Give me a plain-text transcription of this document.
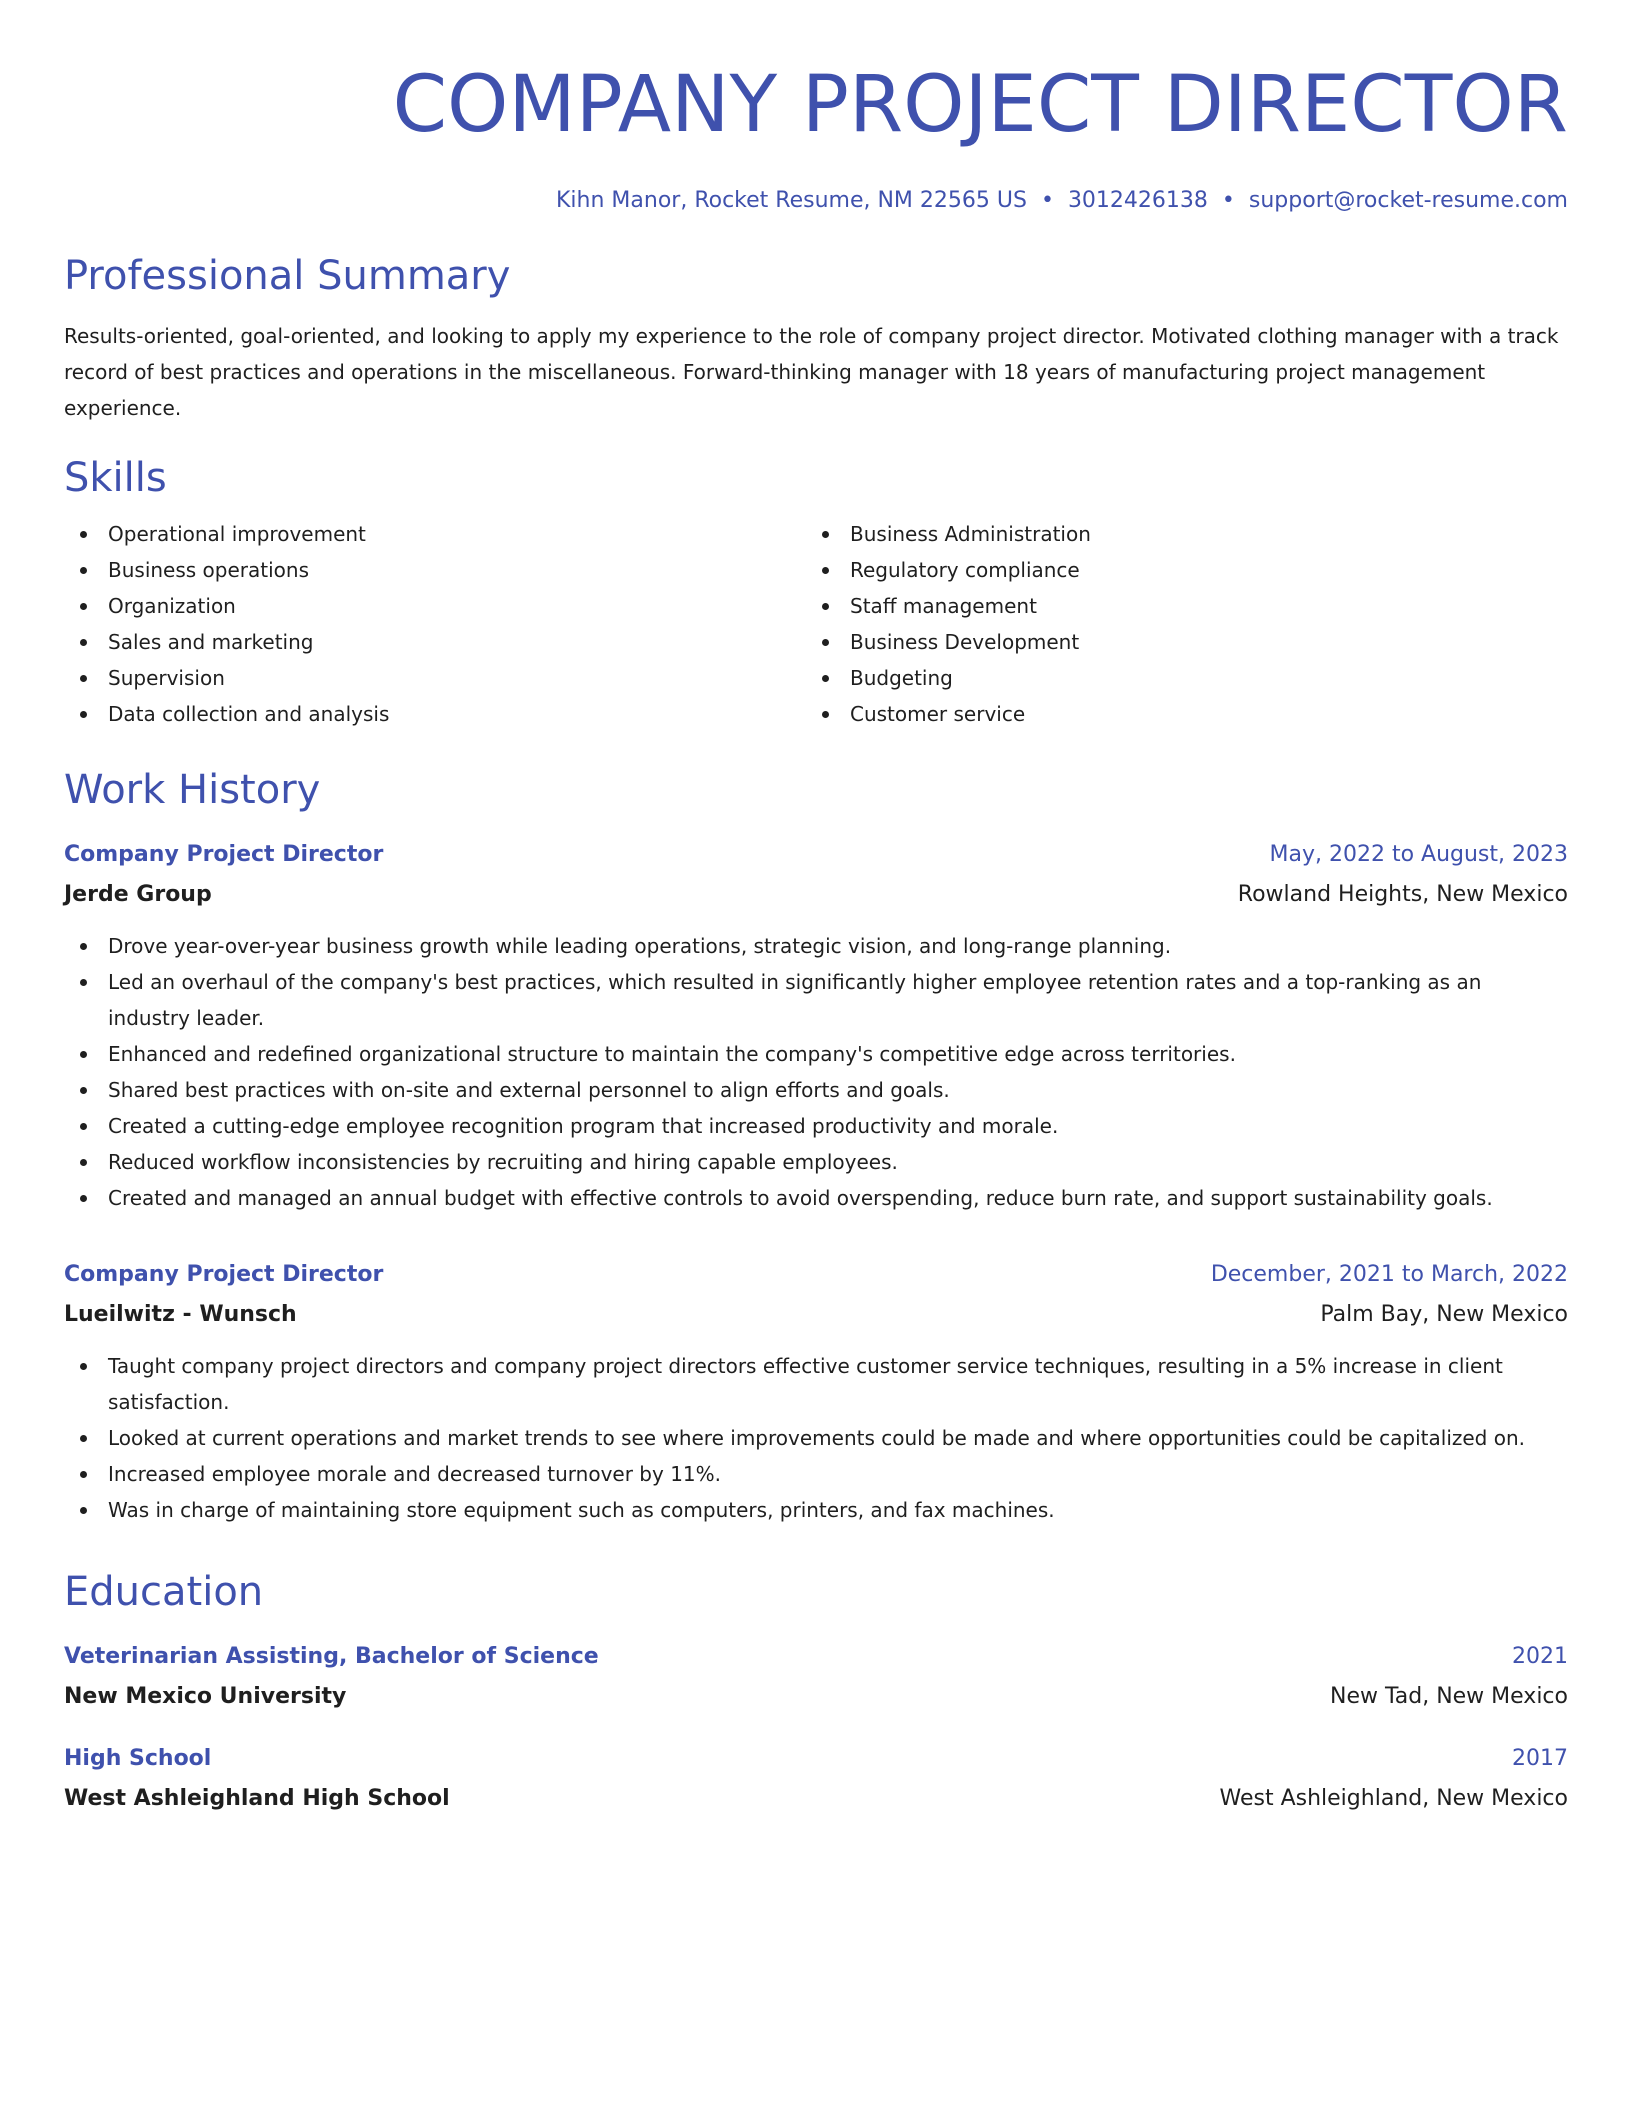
COMPANY PROJECT DIRECTOR
Kihn Manor, Rocket Resume, NM 22565 US • 3012426138 • support@rocket-resume.com
Professional Summary
Results-oriented, goal-oriented, and looking to apply my experience to the role of company project director. Motivated clothing manager with a track record of best practices and operations in the miscellaneous. Forward-thinking manager with 18 years of manufacturing project management experience.
Skills
Operational improvement
Business operations
Organization
Sales and marketing
Supervision
Data collection and analysis
Business Administration
Regulatory compliance
Staff management
Business Development
Budgeting
Customer service
Work History
Company Project Director	May, 2022 to August, 2023
Jerde Group	Rowland Heights, New Mexico
Drove year-over-year business growth while leading operations, strategic vision, and long-range planning.
Led an overhaul of the company's best practices, which resulted in significantly higher employee retention rates and a top-ranking as an industry leader.
Enhanced and redefined organizational structure to maintain the company's competitive edge across territories.
Shared best practices with on-site and external personnel to align efforts and goals.
Created a cutting-edge employee recognition program that increased productivity and morale.
Reduced workflow inconsistencies by recruiting and hiring capable employees.
Created and managed an annual budget with effective controls to avoid overspending, reduce burn rate, and support sustainability goals.
Company Project Director	December, 2021 to March, 2022
Lueilwitz - Wunsch	Palm Bay, New Mexico
Taught company project directors and company project directors effective customer service techniques, resulting in a 5% increase in client satisfaction.
Looked at current operations and market trends to see where improvements could be made and where opportunities could be capitalized on.
Increased employee morale and decreased turnover by 11%.
Was in charge of maintaining store equipment such as computers, printers, and fax machines.
Education
Veterinarian Assisting, Bachelor of Science	2021
New Mexico University	New Tad, New Mexico
High School	2017
West Ashleighland High School	West Ashleighland, New Mexico
